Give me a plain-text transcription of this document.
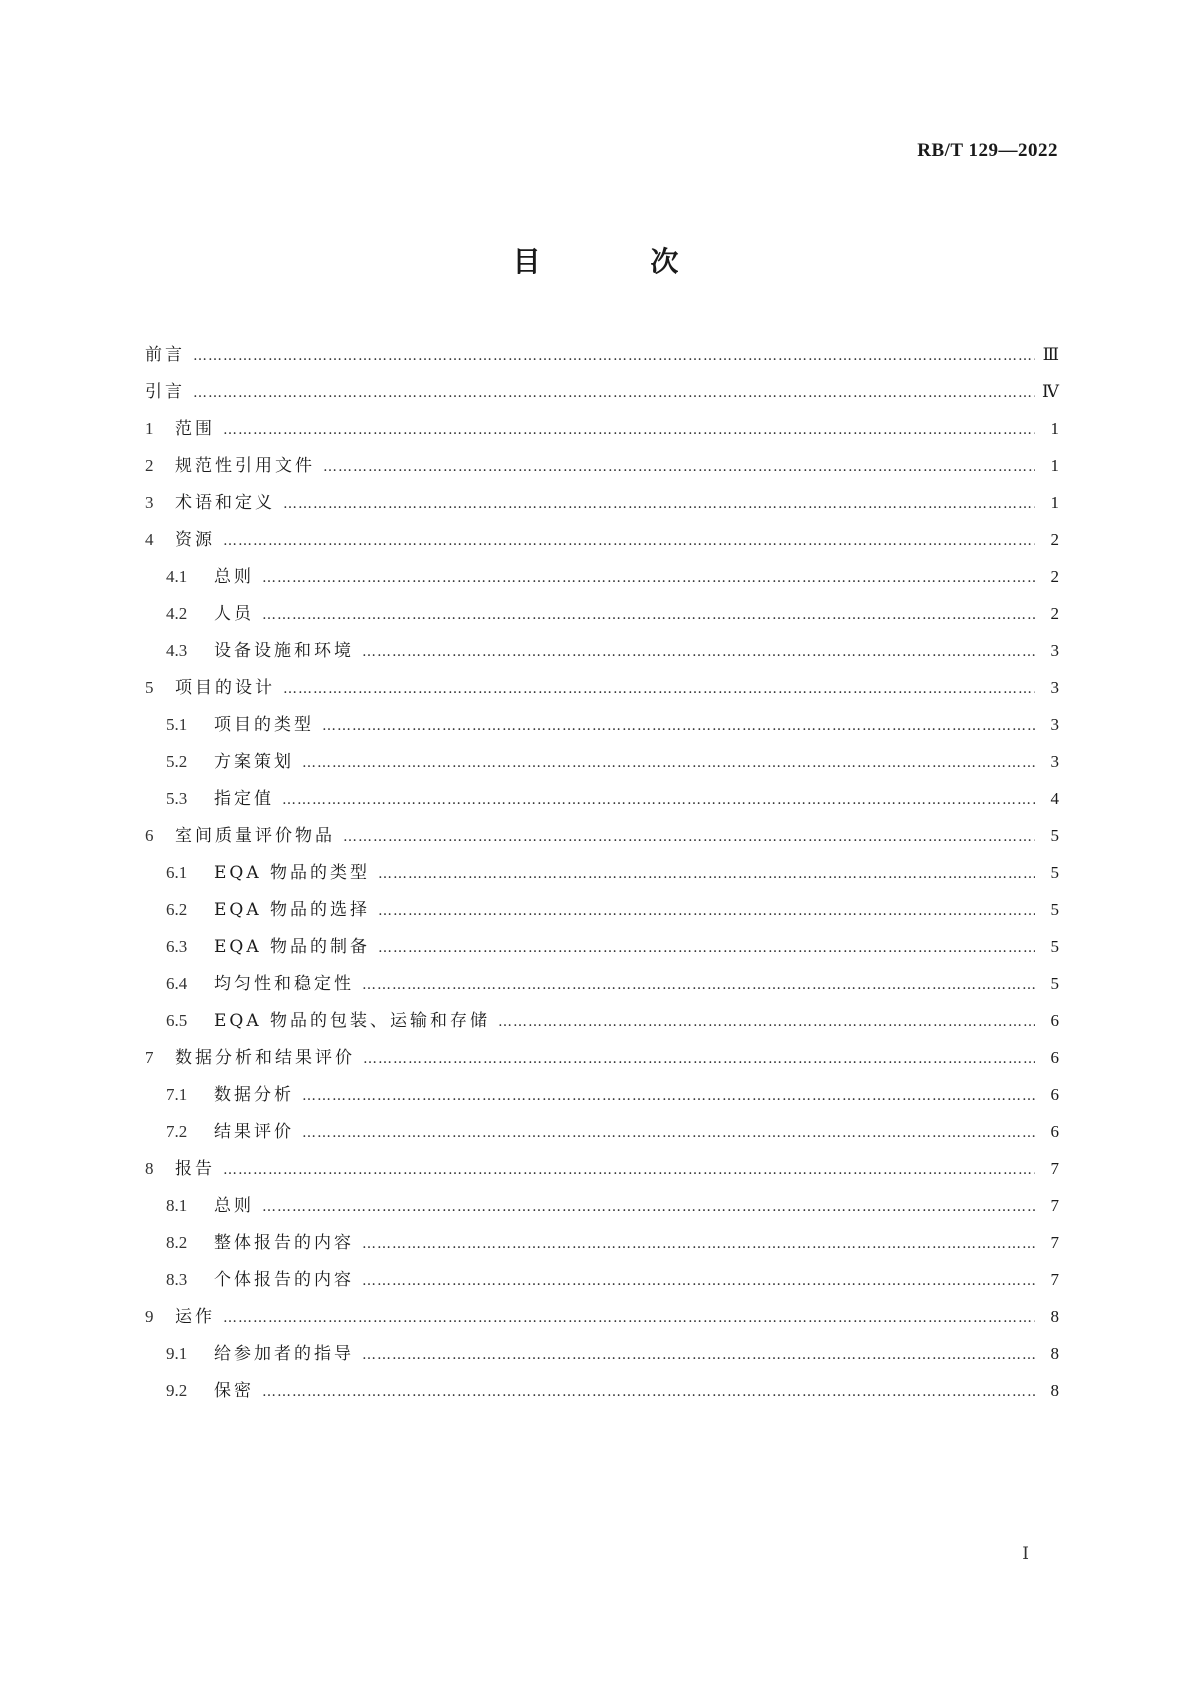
RB/T 129—2022
目 次
前言 …………………………………………………………………………………………………………………………………………………………………………………………………………………………………………………………………	Ⅲ
引言 …………………………………………………………………………………………………………………………………………………………………………………………………………………………………………………………………	Ⅳ
1	范围 …………………………………………………………………………………………………………………………………………………………………………………………………………………………………………………………………	1
2	规范性引用文件 …………………………………………………………………………………………………………………………………………………………………………………………………………………………………………………………………	1
3	术语和定义 …………………………………………………………………………………………………………………………………………………………………………………………………………………………………………………………………	1
4	资源 …………………………………………………………………………………………………………………………………………………………………………………………………………………………………………………………………	2
4.1	总则 …………………………………………………………………………………………………………………………………………………………………………………………………………………………………………………………………	2
4.2	人员 …………………………………………………………………………………………………………………………………………………………………………………………………………………………………………………………………	2
4.3	设备设施和环境 …………………………………………………………………………………………………………………………………………………………………………………………………………………………………………………………………	3
5	项目的设计 …………………………………………………………………………………………………………………………………………………………………………………………………………………………………………………………………	3
5.1	项目的类型 …………………………………………………………………………………………………………………………………………………………………………………………………………………………………………………………………	3
5.2	方案策划 …………………………………………………………………………………………………………………………………………………………………………………………………………………………………………………………………	3
5.3	指定值 …………………………………………………………………………………………………………………………………………………………………………………………………………………………………………………………………	4
6	室间质量评价物品 …………………………………………………………………………………………………………………………………………………………………………………………………………………………………………………………………	5
6.1	EQA 物品的类型 …………………………………………………………………………………………………………………………………………………………………………………………………………………………………………………………………	5
6.2	EQA 物品的选择 …………………………………………………………………………………………………………………………………………………………………………………………………………………………………………………………………	5
6.3	EQA 物品的制备 …………………………………………………………………………………………………………………………………………………………………………………………………………………………………………………………………	5
6.4	均匀性和稳定性 …………………………………………………………………………………………………………………………………………………………………………………………………………………………………………………………………	5
6.5	EQA 物品的包装、运输和存储 …………………………………………………………………………………………………………………………………………………………………………………………………………………………………………………………………	6
7	数据分析和结果评价 …………………………………………………………………………………………………………………………………………………………………………………………………………………………………………………………………	6
7.1	数据分析 …………………………………………………………………………………………………………………………………………………………………………………………………………………………………………………………………	6
7.2	结果评价 …………………………………………………………………………………………………………………………………………………………………………………………………………………………………………………………………	6
8	报告 …………………………………………………………………………………………………………………………………………………………………………………………………………………………………………………………………	7
8.1	总则 …………………………………………………………………………………………………………………………………………………………………………………………………………………………………………………………………	7
8.2	整体报告的内容 …………………………………………………………………………………………………………………………………………………………………………………………………………………………………………………………………	7
8.3	个体报告的内容 …………………………………………………………………………………………………………………………………………………………………………………………………………………………………………………………………	7
9	运作 …………………………………………………………………………………………………………………………………………………………………………………………………………………………………………………………………	8
9.1	给参加者的指导 …………………………………………………………………………………………………………………………………………………………………………………………………………………………………………………………………	8
9.2	保密 …………………………………………………………………………………………………………………………………………………………………………………………………………………………………………………………………	8
Ⅰ
